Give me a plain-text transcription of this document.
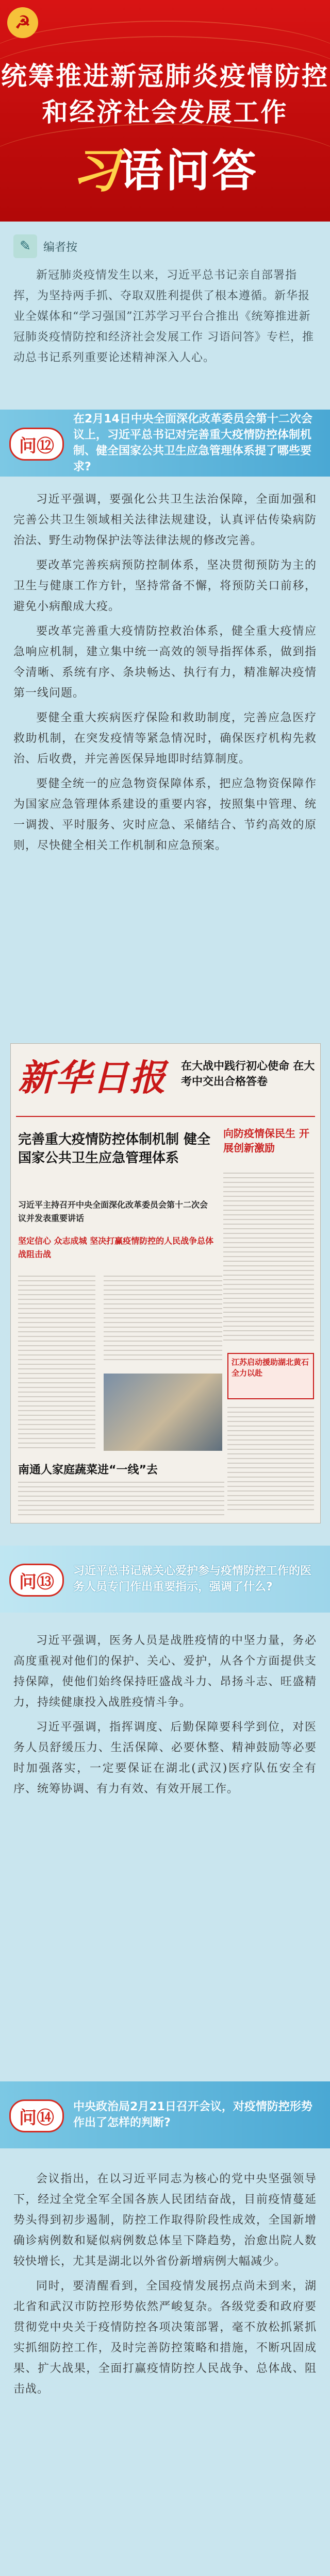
☭
统筹推进新冠肺炎疫情防控
和经济社会发展工作
习语问答
✎	编者按

新冠肺炎疫情发生以来，习近平总书记亲自部署指挥，为坚持两手抓、夺取双胜利提供了根本遵循。新华报业全媒体和“学习强国”江苏学习平台合推出《统筹推进新冠肺炎疫情防控和经济社会发展工作 习语问答》专栏，推动总书记系列重要论述精神深入人心。

问⑫
在2月14日中央全面深化改革委员会第十二次会议上，习近平总书记对完善重大疫情防控体制机制、健全国家公共卫生应急管理体系提了哪些要求?

习近平强调，要强化公共卫生法治保障，全面加强和完善公共卫生领域相关法律法规建设，认真评估传染病防治法、野生动物保护法等法律法规的修改完善。

要改革完善疾病预防控制体系，坚决贯彻预防为主的卫生与健康工作方针，坚持常备不懈，将预防关口前移，避免小病酿成大疫。

要改革完善重大疫情防控救治体系，健全重大疫情应急响应机制，建立集中统一高效的领导指挥体系，做到指令清晰、系统有序、条块畅达、执行有力，精准解决疫情第一线问题。

要健全重大疾病医疗保险和救助制度，完善应急医疗救助机制，在突发疫情等紧急情况时，确保医疗机构先救治、后收费，并完善医保异地即时结算制度。

要健全统一的应急物资保障体系，把应急物资保障作为国家应急管理体系建设的重要内容，按照集中管理、统一调拨、平时服务、灾时应急、采储结合、节约高效的原则，尽快健全相关工作机制和应急预案。

新华日报 在大战中践行初心使命 在大考中交出合格答卷
完善重大疫情防控体制机制 健全国家公共卫生应急管理体系
习近平主持召开中央全面深化改革委员会第十二次会议并发表重要讲话
坚定信心 众志成城 坚决打赢疫情防控的人民战争总体战阻击战
向防疫情保民生 开展创新激励
江苏启动援助湖北黄石 全力以赴
南通人家庭蔬菜进“一线”去
问⑬
习近平总书记就关心爱护参与疫情防控工作的医务人员专门作出重要指示，强调了什么?

习近平强调，医务人员是战胜疫情的中坚力量，务必高度重视对他们的保护、关心、爱护，从各个方面提供支持保障，使他们始终保持旺盛战斗力、昂扬斗志、旺盛精力，持续健康投入战胜疫情斗争。

习近平强调，指挥调度、后勤保障要科学到位，对医务人员舒缓压力、生活保障、必要休整、精神鼓励等必要时加强落实，一定要保证在湖北(武汉)医疗队伍安全有序、统筹协调、有力有效、有效开展工作。

问⑭
中央政治局2月21日召开会议，对疫情防控形势作出了怎样的判断?

会议指出，在以习近平同志为核心的党中央坚强领导下，经过全党全军全国各族人民团结奋战，目前疫情蔓延势头得到初步遏制，防控工作取得阶段性成效，全国新增确诊病例数和疑似病例数总体呈下降趋势，治愈出院人数较快增长，尤其是湖北以外省份新增病例大幅减少。

同时，要清醒看到，全国疫情发展拐点尚未到来，湖北省和武汉市防控形势依然严峻复杂。各级党委和政府要贯彻党中央关于疫情防控各项决策部署，毫不放松抓紧抓实抓细防控工作，及时完善防控策略和措施，不断巩固成果、扩大战果，全面打赢疫情防控人民战争、总体战、阻击战。
